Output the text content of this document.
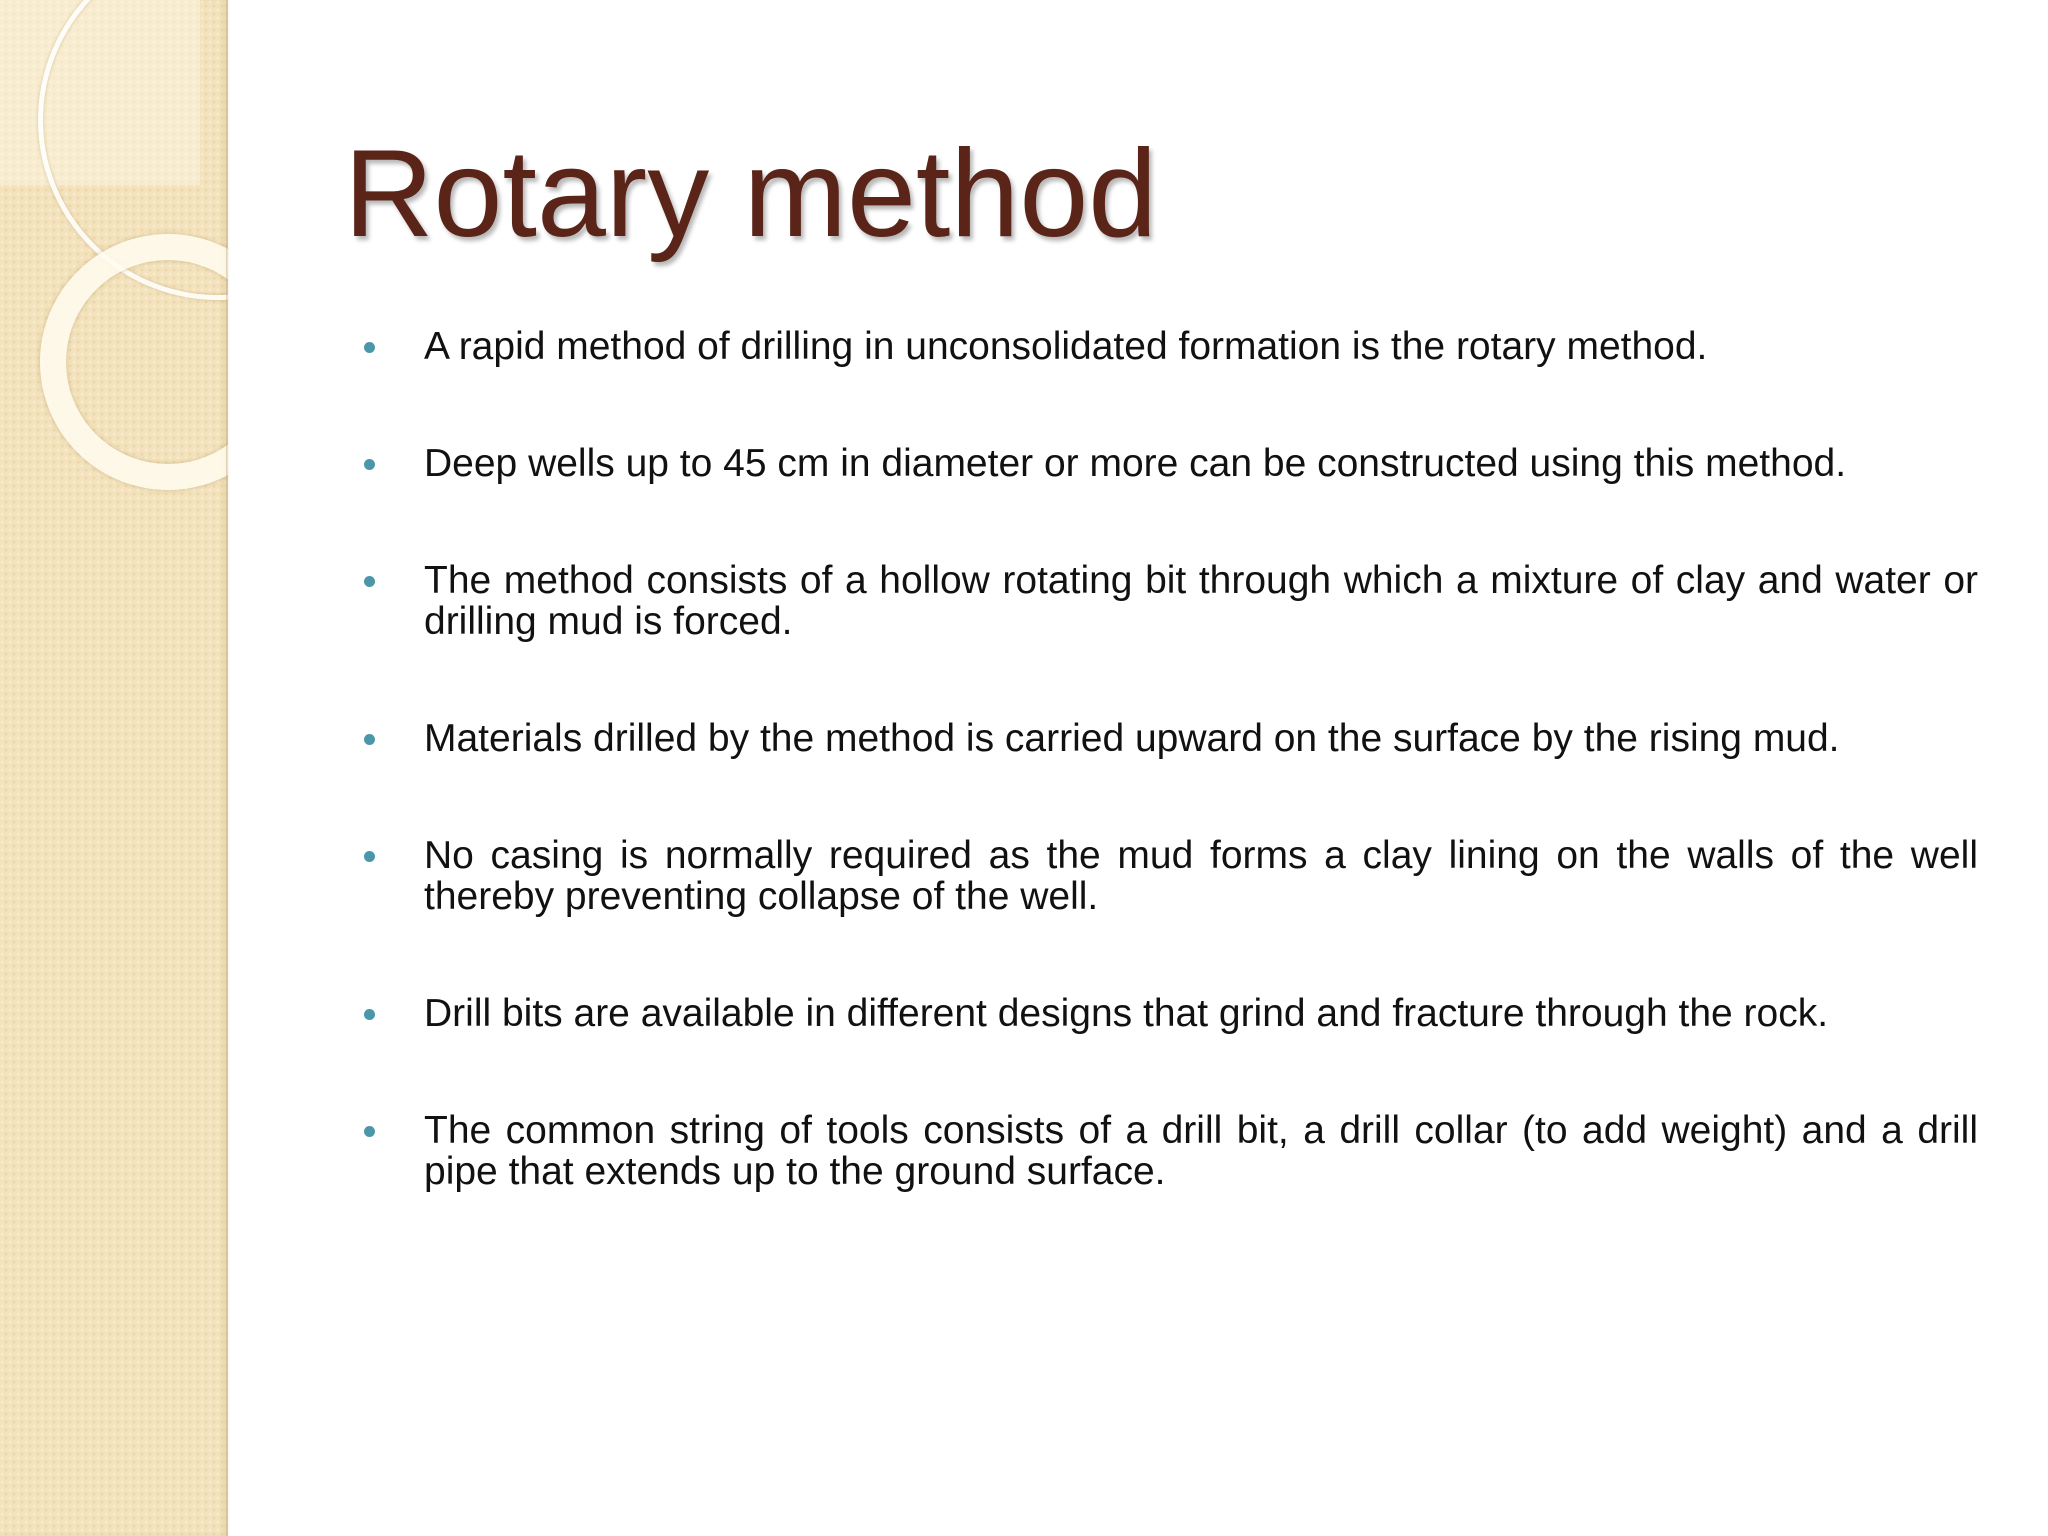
Rotary method
A rapid method of drilling in unconsolidated formation is the rotary method.
Deep wells up to 45 cm in diameter or more can be constructed using this method.
The method consists of a hollow rotating bit through which a mixture of clay and water or drilling mud is forced.
Materials drilled by the method is carried upward on the surface by the rising mud.
No casing is normally required as the mud forms a clay lining on the walls of the well thereby preventing collapse of the well.
Drill bits are available in different designs that grind and fracture through the rock.
The common string of tools consists of a drill bit, a drill collar (to add weight) and a drill pipe that extends up to the ground surface.
